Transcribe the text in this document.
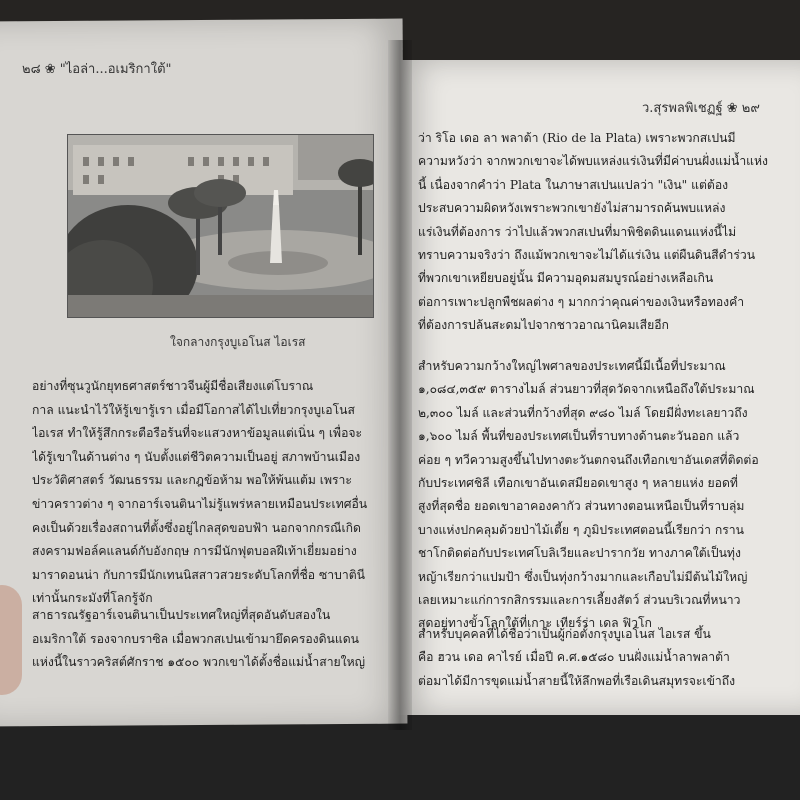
๒๘ ❀ "ไอล่า...อเมริกาใต้"
ว.สุรพลพิเชฏฐ์ ❀ ๒๙
ใจกลางกรุงบูเอโนส ไอเรส
อย่างที่ซุนวูนักยุทธศาสตร์ชาวจีนผู้มีชื่อเสียงแต่โบราณ
กาล แนะนำไว้ให้รู้เขารู้เรา เมื่อมีโอกาสได้ไปเที่ยวกรุงบูเอโนส
ไอเรส ทำให้รู้สึกกระตือรือร้นที่จะแสวงหาข้อมูลแต่เนิ่น ๆ เพื่อจะ
ได้รู้เขาในด้านต่าง ๆ นับตั้งแต่ชีวิตความเป็นอยู่ สภาพบ้านเมือง
ประวัติศาสตร์ วัฒนธรรม และกฎข้อห้าม พอให้พ้นแต้ม เพราะ
ข่าวคราวต่าง ๆ จากอาร์เจนตินาไม่รู้แพร่หลายเหมือนประเทศอื่น
คงเป็นด้วยเรื่องสถานที่ตั้งซึ่งอยู่ไกลสุดขอบฟ้า นอกจากกรณีเกิด
สงครามฟอล์คแลนด์กับอังกฤษ การมีนักฟุตบอลฝีเท้าเยี่ยมอย่าง
มาราดอนน่า กับการมีนักเทนนิสสาวสวยระดับโลกที่ชื่อ ซาบาตินี
เท่านั้นกระมังที่โลกรู้จัก
สาธารณรัฐอาร์เจนตินาเป็นประเทศใหญ่ที่สุดอันดับสองใน
อเมริกาใต้ รองจากบราซิล เมื่อพวกสเปนเข้ามายึดครองดินแดน
แห่งนี้ในราวคริสต์ศักราช ๑๕๐๐ พวกเขาได้ตั้งชื่อแม่น้ำสายใหญ่
ว่า ริโอ เดอ ลา พลาต้า (Rio de la Plata) เพราะพวกสเปนมี
ความหวังว่า จากพวกเขาจะได้พบแหล่งแร่เงินที่มีค่าบนฝั่งแม่น้ำแห่ง
นี้ เนื่องจากคำว่า Plata ในภาษาสเปนแปลว่า "เงิน" แต่ต้อง
ประสบความผิดหวังเพราะพวกเขายังไม่สามารถค้นพบแหล่ง
แร่เงินที่ต้องการ ว่าไปแล้วพวกสเปนที่มาพิชิตดินแดนแห่งนี้ไม่
ทราบความจริงว่า ถึงแม้พวกเขาจะไม่ได้แร่เงิน แต่ผืนดินสีดำร่วน
ที่พวกเขาเหยียบอยู่นั้น มีความอุดมสมบูรณ์อย่างเหลือเกิน
ต่อการเพาะปลูกพืชผลต่าง ๆ มากกว่าคุณค่าของเงินหรือทองคำ
ที่ต้องการปล้นสะดมไปจากชาวอาณานิคมเสียอีก
สำหรับความกว้างใหญ่ไพศาลของประเทศนี้มีเนื้อที่ประมาณ
๑,๐๘๔,๓๕๙ ตารางไมล์ ส่วนยาวที่สุดวัดจากเหนือถึงใต้ประมาณ
๒,๓๐๐ ไมล์ และส่วนที่กว้างที่สุด ๙๘๐ ไมล์ โดยมีฝั่งทะเลยาวถึง
๑,๖๐๐ ไมล์ พื้นที่ของประเทศเป็นที่ราบทางด้านตะวันออก แล้ว
ค่อย ๆ ทวีความสูงขึ้นไปทางตะวันตกจนถึงเทือกเขาอันเดสที่ติดต่อ
กับประเทศชิลี เทือกเขาอันเดสมียอดเขาสูง ๆ หลายแห่ง ยอดที่
สูงที่สุดชื่อ ยอดเขาอาคองคากัว ส่วนทางตอนเหนือเป็นที่ราบลุ่ม
บางแห่งปกคลุมด้วยป่าไม้เตี้ย ๆ ภูมิประเทศตอนนี้เรียกว่า กราน
ชาโกติดต่อกับประเทศโบลิเวียและปารากวัย ทางภาคใต้เป็นทุ่ง
หญ้าเรียกว่าแปมป้า ซึ่งเป็นทุ่งกว้างมากและเกือบไม่มีต้นไม้ใหญ่
เลยเหมาะแก่การกสิกรรมและการเลี้ยงสัตว์ ส่วนบริเวณที่หนาว
สุดอยู่ทางขั้วโลกใต้ที่เกาะ เทียร์ร่า เดล ฟิวโก
สำหรับบุคคลที่ได้ชื่อว่าเป็นผู้ก่อตั้งกรุงบูเอโนส ไอเรส ขึ้น
คือ ฮวน เดอ คาไรย์ เมื่อปี ค.ศ.๑๕๘๐ บนฝั่งแม่น้ำลาพลาต้า
ต่อมาได้มีการขุดแม่น้ำสายนี้ให้ลึกพอที่เรือเดินสมุทรจะเข้าถึง
